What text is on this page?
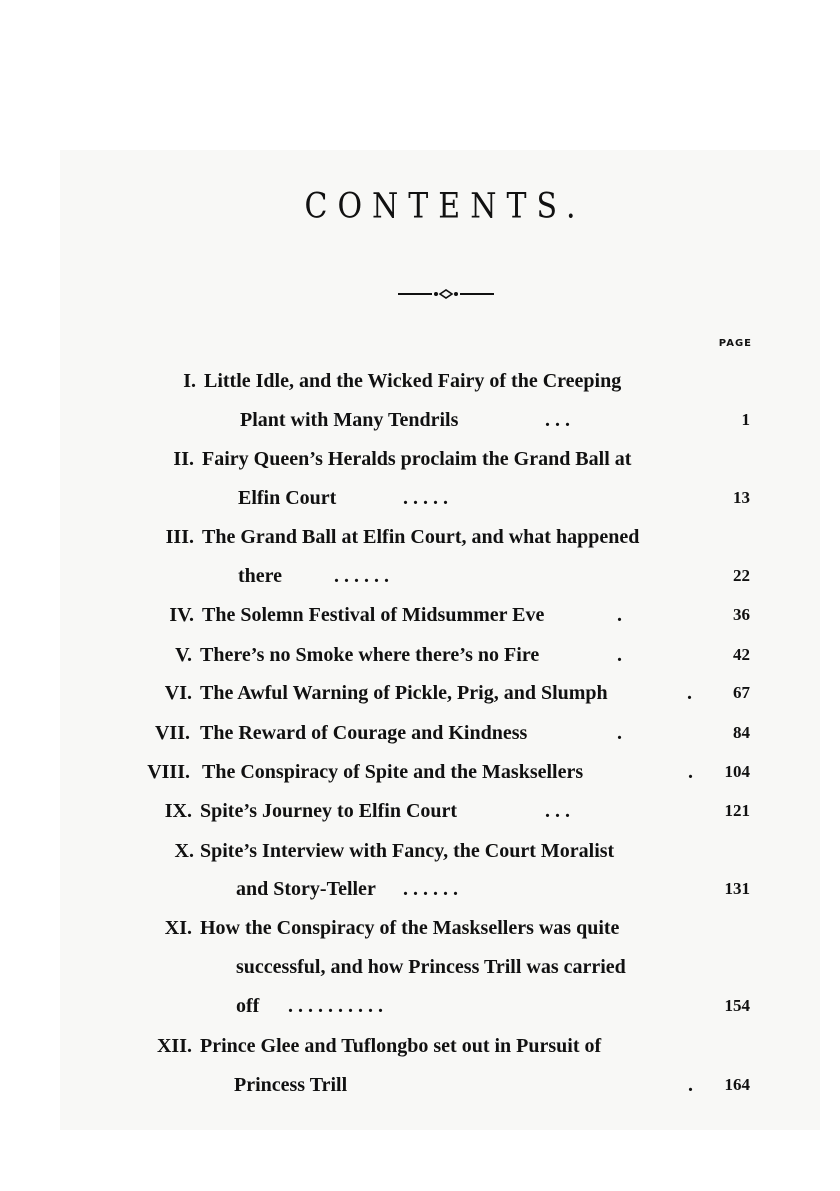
CONTENTS.
PAGE
I. Little Idle, and the Wicked Fairy of the Creeping
Plant with Many Tendrils	. . .	1
II. Fairy Queen’s Heralds proclaim the Grand Ball at
Elfin Court	. . . . .	13
III. The Grand Ball at Elfin Court, and what happened
there	. . . . . .	22
IV. The Solemn Festival of Midsummer Eve	.	36
V. There’s no Smoke where there’s no Fire	.	42
VI. The Awful Warning of Pickle, Prig, and Slumph	.	67
VII. The Reward of Courage and Kindness	.	84
VIII. The Conspiracy of Spite and the Masksellers	.	104
IX. Spite’s Journey to Elfin Court	. . .	121
X. Spite’s Interview with Fancy, the Court Moralist
and Story-Teller . . . . . .	131
XI. How the Conspiracy of the Masksellers was quite
successful, and how Princess Trill was carried
off . . . . . . . . . .	154
XII. Prince Glee and Tuflongbo set out in Pursuit of
Princess Trill	.	164
